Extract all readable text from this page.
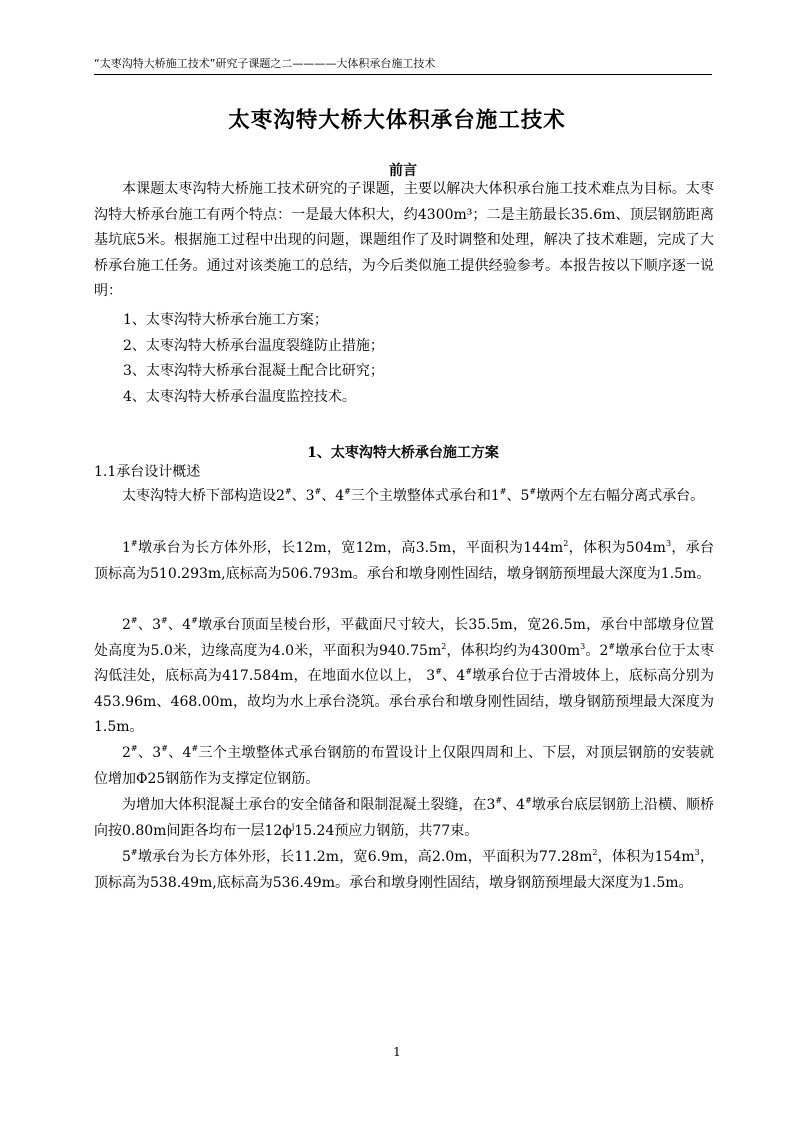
“太枣沟特大桥施工技术”研究子课题之二————大体积承台施工技术
太枣沟特大桥大体积承台施工技术
前言

本课题太枣沟特大桥施工技术研究的子课题，主要以解决大体积承台施工技术难点为目标。太枣沟特大桥承台施工有两个特点：一是最大体积大，约4300m³；二是主筋最长35.6m、顶层钢筋距离基坑底5米。根据施工过程中出现的问题，课题组作了及时调整和处理，解决了技术难题，完成了大桥承台施工任务。通过对该类施工的总结，为今后类似施工提供经验参考。本报告按以下顺序逐一说明：

1、太枣沟特大桥承台施工方案；
2、太枣沟特大桥承台温度裂缝防止措施；
3、太枣沟特大桥承台混凝土配合比研究；
4、太枣沟特大桥承台温度监控技术。
1、太枣沟特大桥承台施工方案
1.1承台设计概述

太枣沟特大桥下部构造设2#、3#、4#三个主墩整体式承台和1#、5#墩两个左右幅分离式承台。

1#墩承台为长方体外形，长12m，宽12m，高3.5m，平面积为$144m^2$，体积为$504m^3$，承台顶标高为510.293m,底标高为506.793m。承台和墩身刚性固结，墩身钢筋预埋最大深度为1.5m。

2#、3#、4#墩承台顶面呈棱台形，平截面尺寸较大，长35.5m，宽26.5m，承台中部墩身位置处高度为5.0米，边缘高度为4.0米，平面积为$940.75m^2$，体积均约为$4300m^3$。2#墩承台位于太枣沟低洼处，底标高为417.584m，在地面水位以上， 3#、4#墩承台位于古滑坡体上，底标高分别为453.96m、468.00m，故均为水上承台浇筑。承台承台和墩身刚性固结，墩身钢筋预埋最大深度为1.5m。

2#、3#、4#三个主墩整体式承台钢筋的布置设计上仅限四周和上、下层，对顶层钢筋的安装就位增加Φ25钢筋作为支撑定位钢筋。

为增加大体积混凝土承台的安全储备和限制混凝土裂缝，在3#、4#墩承台底层钢筋上沿横、顺桥向按0.80m间距各均布一层$12\phi^j15.24$预应力钢筋，共77束。

5#墩承台为长方体外形，长11.2m，宽6.9m，高2.0m，平面积为$77.28m^2$，体积为$154m^3$，顶标高为538.49m,底标高为536.49m。承台和墩身刚性固结，墩身钢筋预埋最大深度为1.5m。

1
